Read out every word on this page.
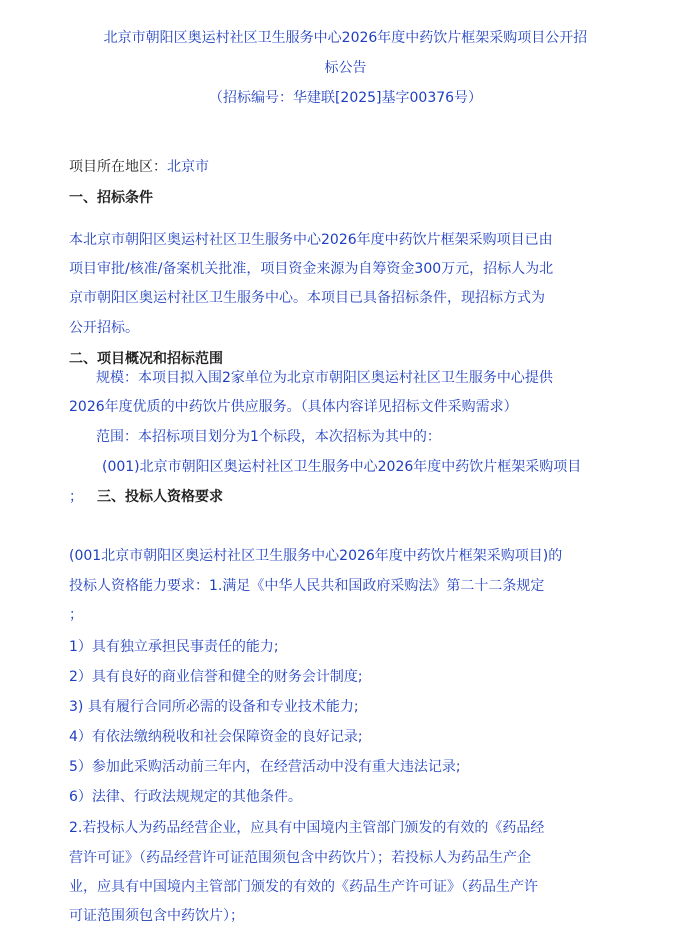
北京市朝阳区奥运村社区卫生服务中心2026年度中药饮片框架采购项目公开招
标公告
（招标编号：华建联[2025]基字00376号）
项目所在地区：北京市
一、招标条件
本北京市朝阳区奥运村社区卫生服务中心2026年度中药饮片框架采购项目已由
项目审批/核准/备案机关批准，项目资金来源为自筹资金300万元，招标人为北
京市朝阳区奥运村社区卫生服务中心。本项目已具备招标条件，现招标方式为
公开招标。
二、项目概况和招标范围
规模：本项目拟入围2家单位为北京市朝阳区奥运村社区卫生服务中心提供
2026年度优质的中药饮片供应服务。（具体内容详见招标文件采购需求）
范围：本招标项目划分为1个标段，本次招标为其中的：
(001)北京市朝阳区奥运村社区卫生服务中心2026年度中药饮片框架采购项目
； 三、投标人资格要求
(001北京市朝阳区奥运村社区卫生服务中心2026年度中药饮片框架采购项目)的
投标人资格能力要求：1.满足《中华人民共和国政府采购法》第二十二条规定
；
1）具有独立承担民事责任的能力;
2）具有良好的商业信誉和健全的财务会计制度;
3) 具有履行合同所必需的设备和专业技术能力;
4）有依法缴纳税收和社会保障资金的良好记录;
5）参加此采购活动前三年内，在经营活动中没有重大违法记录;
6）法律、行政法规规定的其他条件。
2.若投标人为药品经营企业，应具有中国境内主管部门颁发的有效的《药品经
营许可证》（药品经营许可证范围须包含中药饮片）；若投标人为药品生产企
业，应具有中国境内主管部门颁发的有效的《药品生产许可证》（药品生产许
可证范围须包含中药饮片）；
